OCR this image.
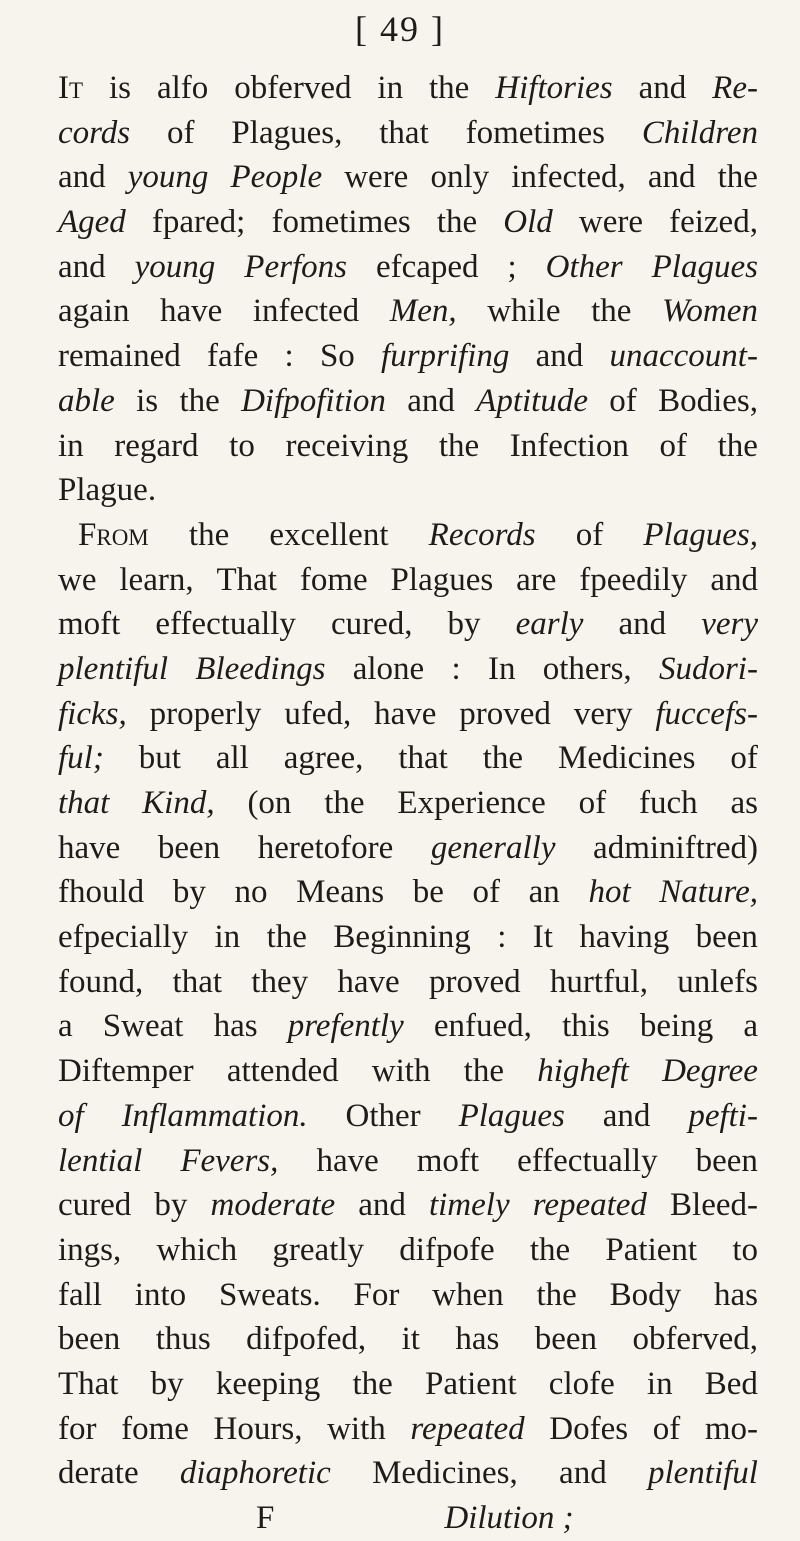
[ 49 ]
It is alfo obferved in the Hiftories and Re-
cords of Plagues, that fometimes Children
and young People were only infected, and the
Aged fpared; fometimes the Old were feized,
and young Perfons efcaped ; Other Plagues
again have infected Men, while the Women
remained fafe : So furprifing and unaccount-
able is the Difpofition and Aptitude of Bodies,
in regard to receiving the Infection of the
Plague.
From the excellent Records of Plagues,
we learn, That fome Plagues are fpeedily and
moft effectually cured, by early and very
plentiful Bleedings alone : In others, Sudori-
ficks, properly ufed, have proved very fuccefs-
ful; but all agree, that the Medicines of
that Kind, (on the Experience of fuch as
have been heretofore generally adminiftred)
fhould by no Means be of an hot Nature,
efpecially in the Beginning : It having been
found, that they have proved hurtful, unlefs
a Sweat has prefently enfued, this being a
Diftemper attended with the higheft Degree
of Inflammation. Other Plagues and pefti-
lential Fevers, have moft effectually been
cured by moderate and timely repeated Bleed-
ings, which greatly difpofe the Patient to
fall into Sweats. For when the Body has
been thus difpofed, it has been obferved,
That by keeping the Patient clofe in Bed
for fome Hours, with repeated Dofes of mo-
derate diaphoretic Medicines, and plentiful
F	Dilution ;
